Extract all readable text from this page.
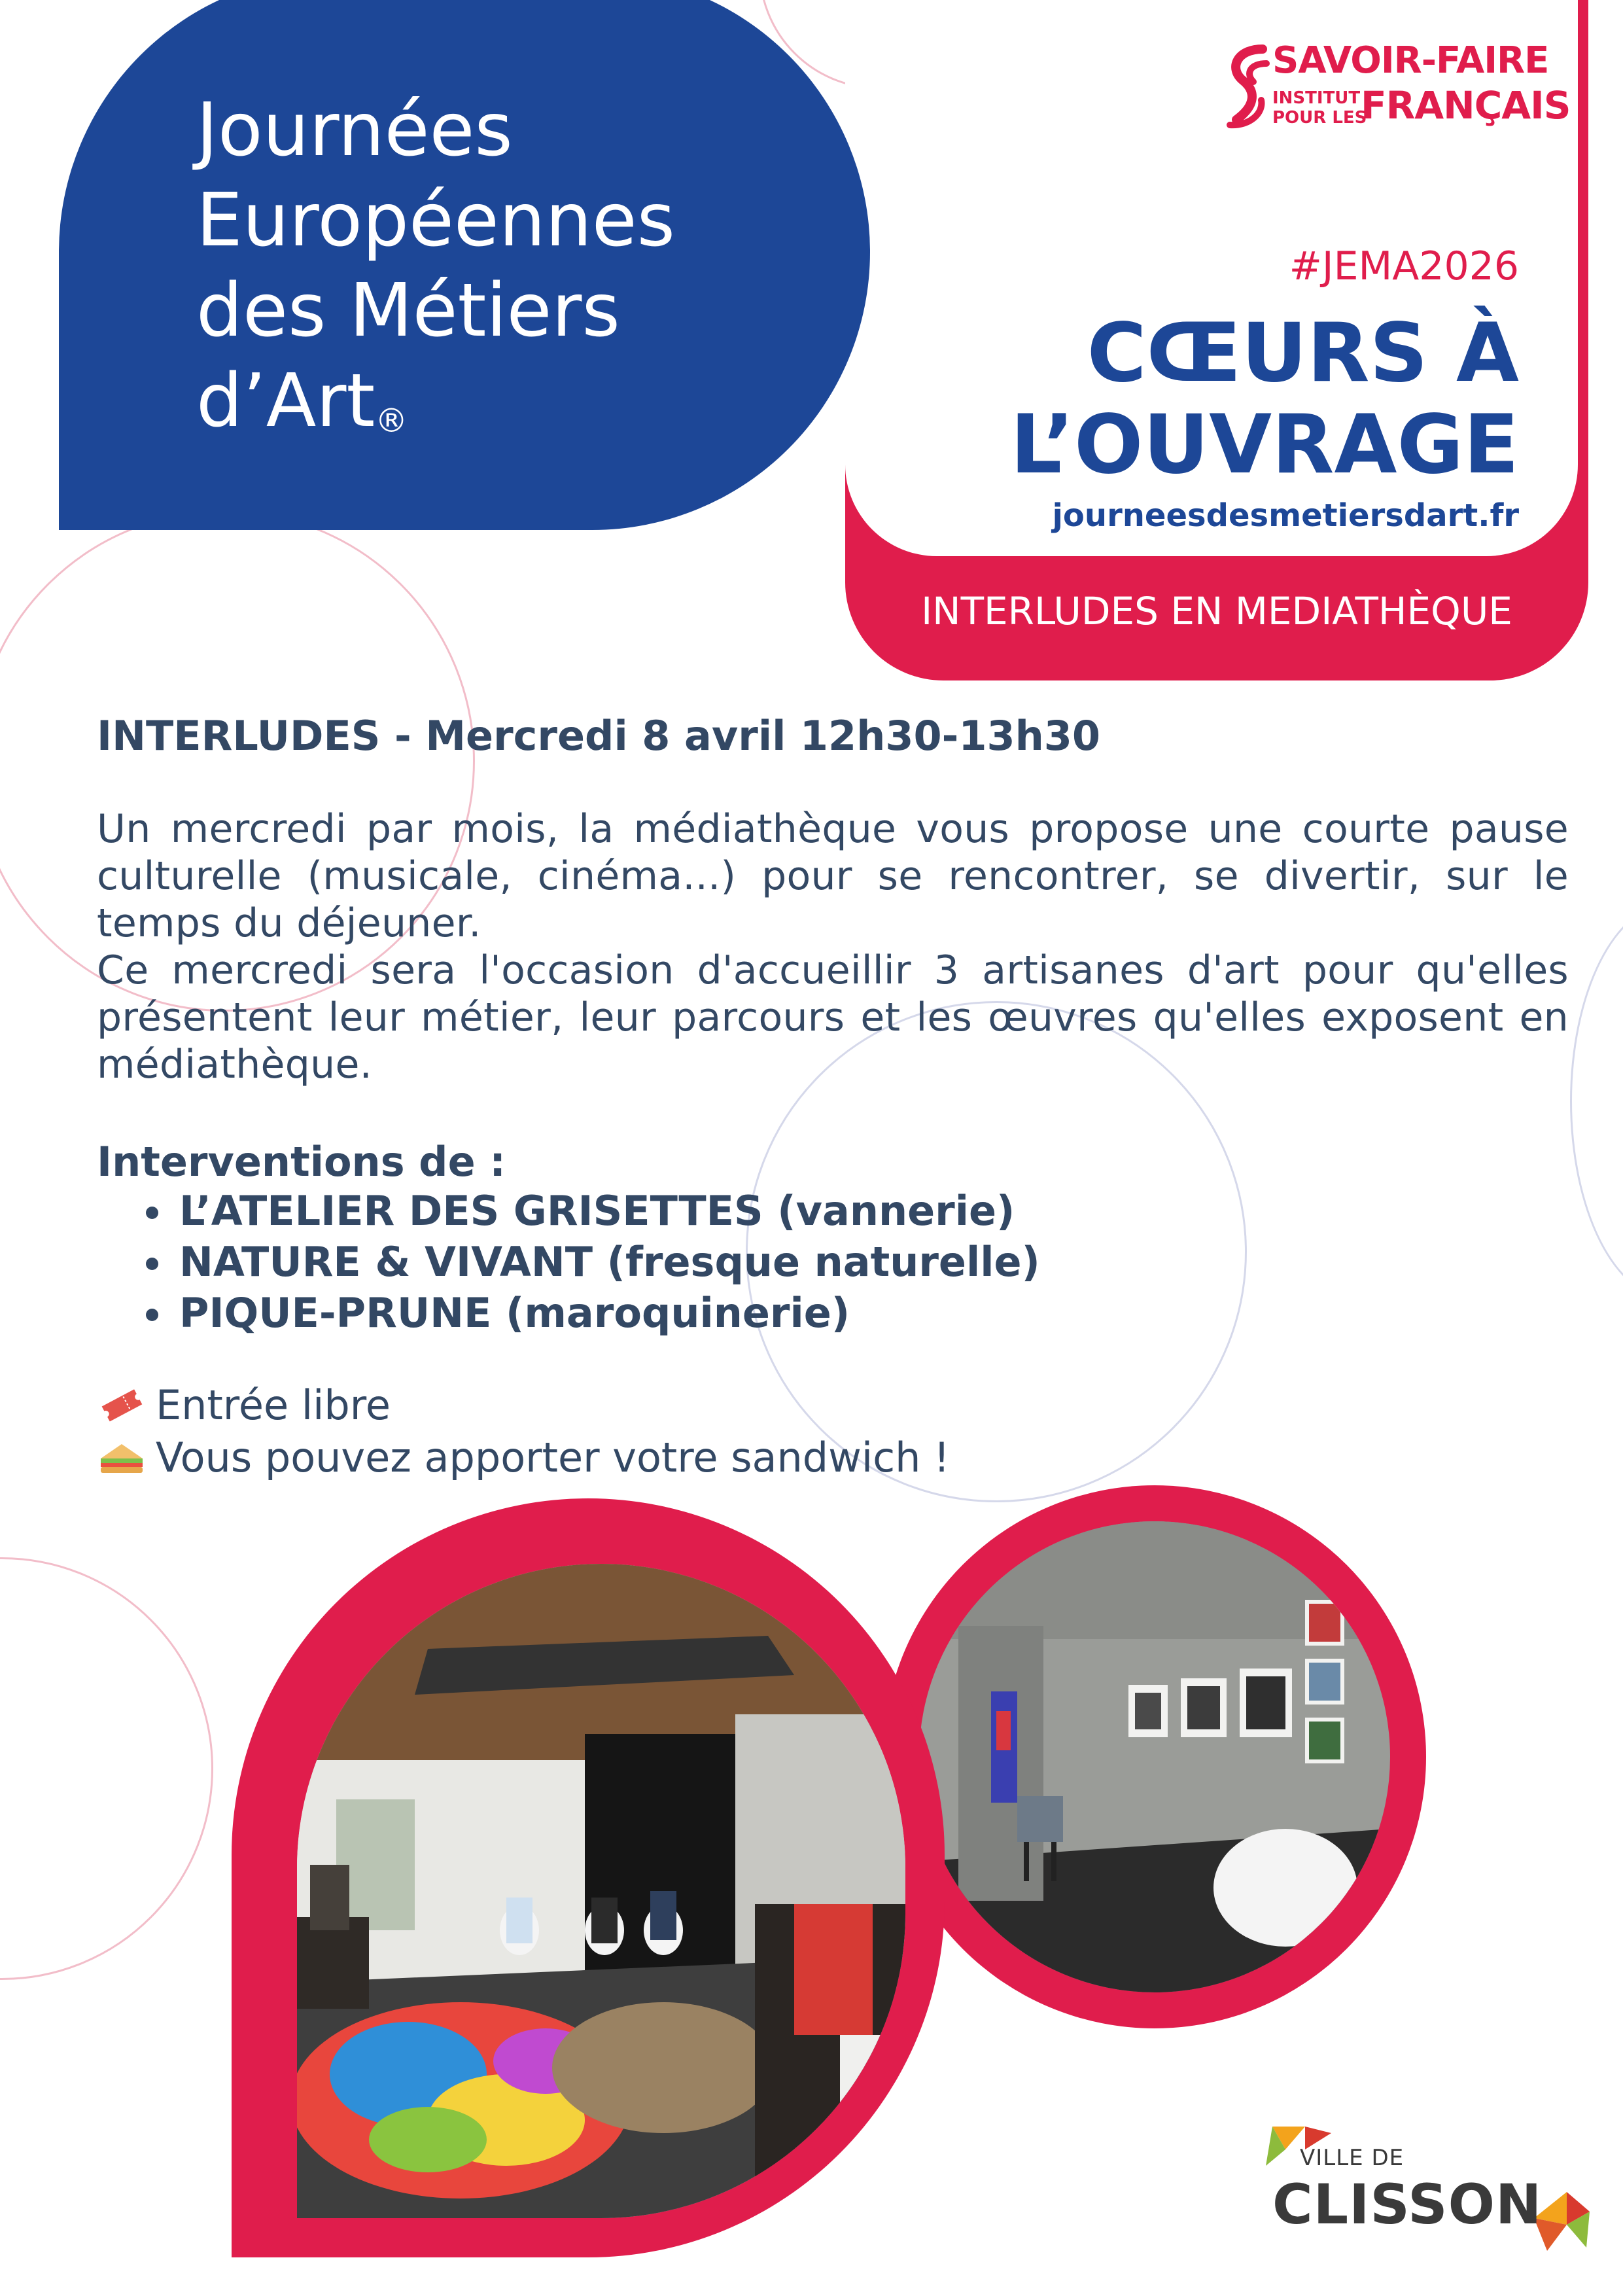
Journées
Européennes
des Métiers
d’Art®
SAVOIR-FAIRE
INSTITUT
POUR LES
FRANÇAIS
#JEMA2026
CŒURS À
L’OUVRAGE
journeesdesmetiersdart.fr
INTERLUDES EN MEDIATHÈQUE
INTERLUDES - Mercredi 8 avril 12h30-13h30

Un mercredi par mois, la médiathèque vous propose une courte pause culturelle (musicale, cinéma...) pour se rencontrer, se divertir, sur le temps du déjeuner.

Ce mercredi sera l'occasion d'accueillir 3 artisanes d'art pour qu'elles présentent leur métier, leur parcours et les œuvres qu'elles exposent en médiathèque.

Interventions de :
• L’ATELIER DES GRISETTES (vannerie)
• NATURE & VIVANT (fresque naturelle)
• PIQUE-PRUNE (maroquinerie)

Entrée libre

Vous pouvez apporter votre sandwich !

VILLE DE
CLISSON
